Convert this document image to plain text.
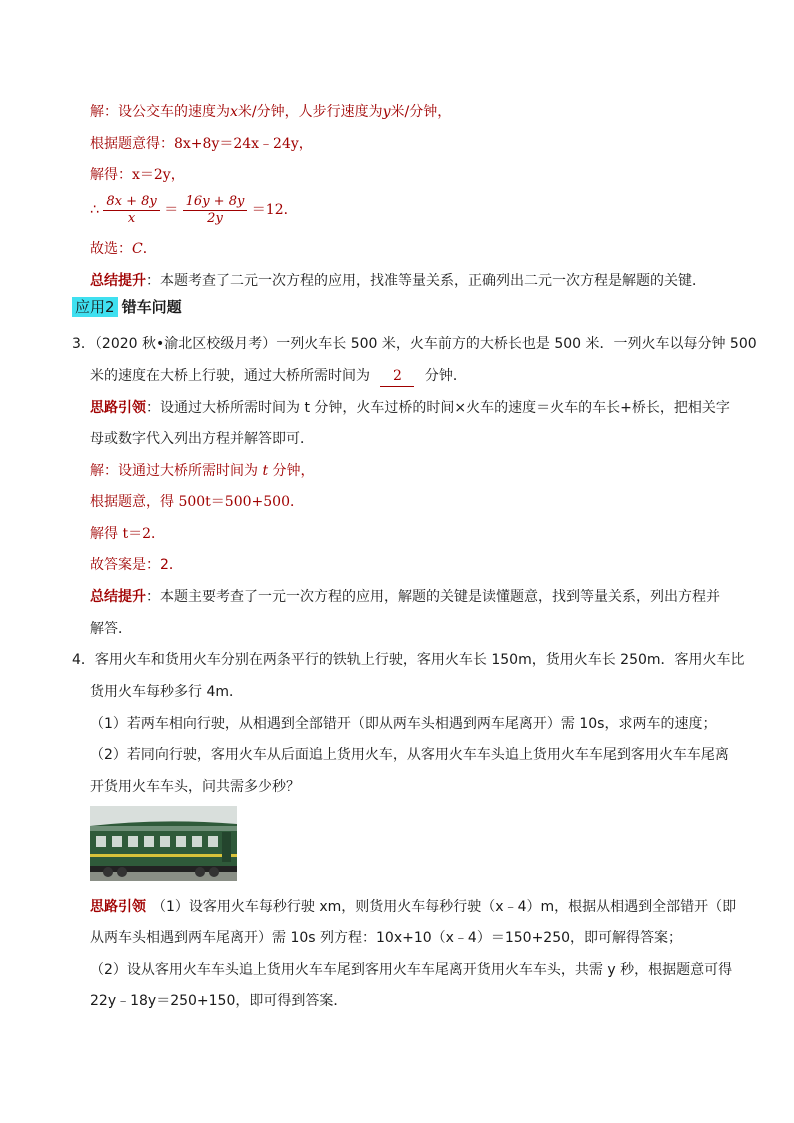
解：设公交车的速度为x米/分钟，人步行速度为y米/分钟，
根据题意得：8x+8y＝24x﹣24y，
解得：x＝2y，
∴ $\frac{8x + 8y}{x} = \frac{16y + 8y}{2y} =12$．
故选：C．
总结提升：本题考查了二元一次方程的应用，找准等量关系，正确列出二元一次方程是解题的关键．
应用2 错车问题
3．（2020 秋•渝北区校级月考）一列火车长 500 米，火车前方的大桥长也是 500 米．一列火车以每分钟 500
米的速度在大桥上行驶，通过大桥所需时间为 2 分钟．
思路引领：设通过大桥所需时间为 t 分钟，火车过桥的时间×火车的速度＝火车的车长+桥长，把相关字
母或数字代入列出方程并解答即可．
解：设通过大桥所需时间为 t 分钟，
根据题意，得 500t＝500+500．
解得 t＝2．
故答案是：2．
总结提升：本题主要考查了一元一次方程的应用，解题的关键是读懂题意，找到等量关系，列出方程并
解答．
4．客用火车和货用火车分别在两条平行的铁轨上行驶，客用火车长 150m，货用火车长 250m．客用火车比
货用火车每秒多行 4m．
（1）若两车相向行驶，从相遇到全部错开（即从两车头相遇到两车尾离开）需 10s，求两车的速度；
（2）若同向行驶，客用火车从后面追上货用火车，从客用火车车头追上货用火车车尾到客用火车车尾离
开货用火车车头，问共需多少秒？
思路引领 （1）设客用火车每秒行驶 xm，则货用火车每秒行驶（x﹣4）m，根据从相遇到全部错开（即
从两车头相遇到两车尾离开）需 10s 列方程：10x+10（x﹣4）＝150+250，即可解得答案；
（2）设从客用火车车头追上货用火车车尾到客用火车车尾离开货用火车车头，共需 y 秒，根据题意可得
22y﹣18y＝250+150，即可得到答案．
